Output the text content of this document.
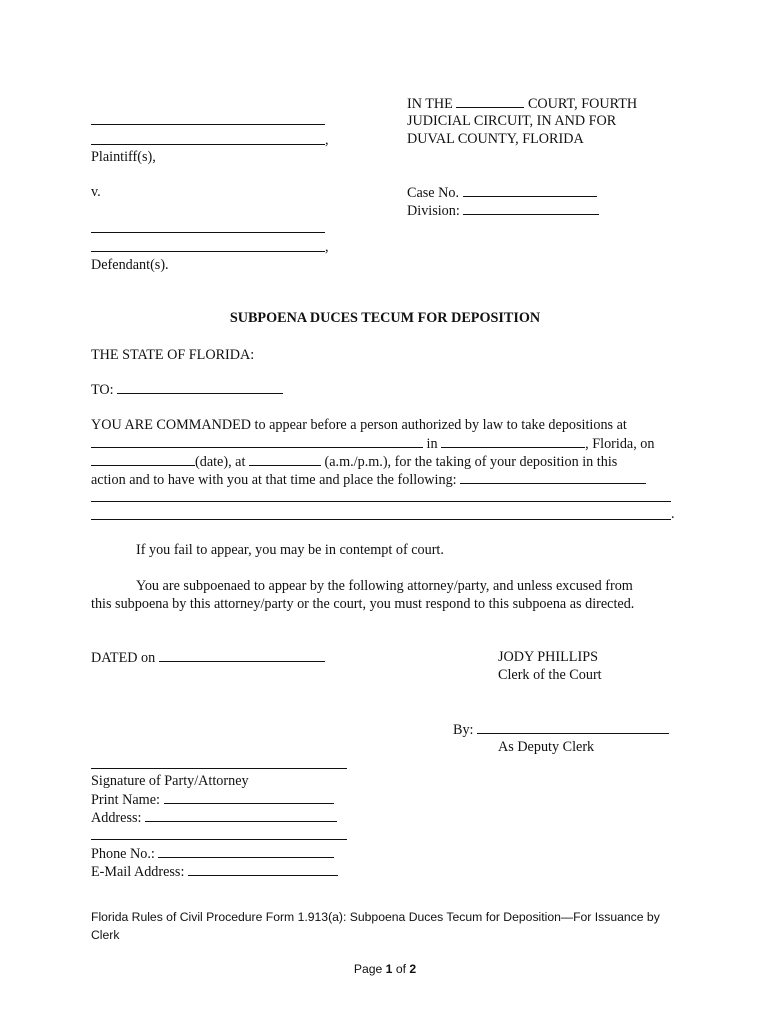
IN THE	COURT, FOURTH
JUDICIAL CIRCUIT, IN AND FOR
DUVAL COUNTY, FLORIDA
,
Plaintiff(s),
v.	Case No.
Division:
,
Defendant(s).
SUBPOENA DUCES TECUM FOR DEPOSITION
THE STATE OF FLORIDA:
TO:
YOU ARE COMMANDED to appear before a person authorized by law to take depositions at
in	, Florida, on
(date), at	(a.m./p.m.), for the taking of your deposition in this
action and to have with you at that time and place the following:
.
If you fail to appear, you may be in contempt of court.
You are subpoenaed to appear by the following attorney/party, and unless excused from
this subpoena by this attorney/party or the court, you must respond to this subpoena as directed.
DATED on	JODY PHILLIPS
Clerk of the Court
By:
As Deputy Clerk
Signature of Party/Attorney
Print Name:
Address:
Phone No.:
E-Mail Address:
Florida Rules of Civil Procedure Form 1.913(a): Subpoena Duces Tecum for Deposition—For Issuance by
Clerk
Page 1 of 2
